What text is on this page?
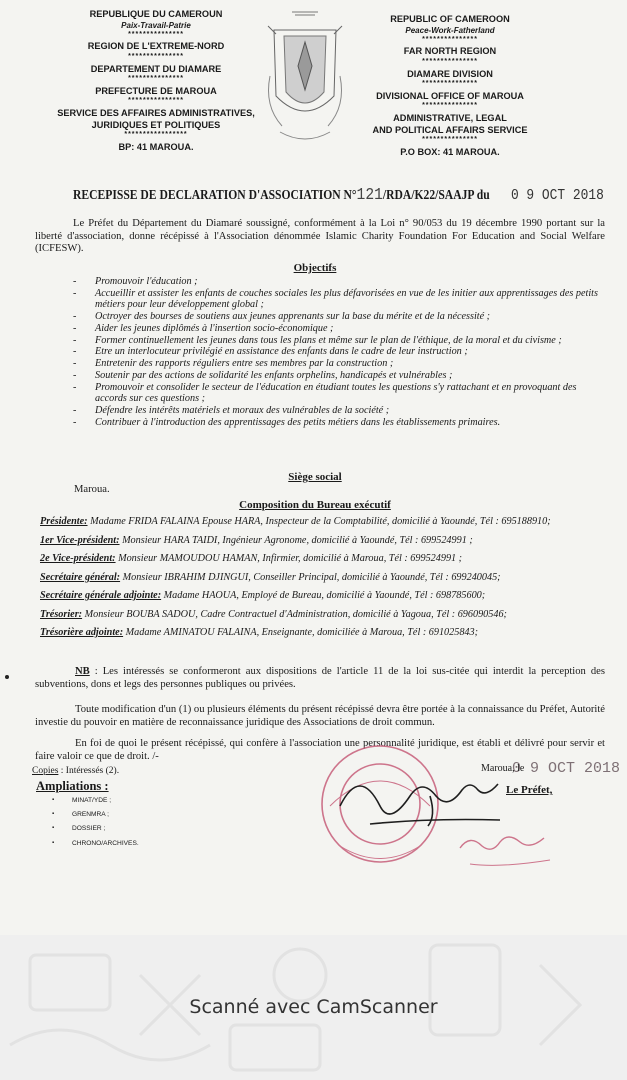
REPUBLIQUE DU CAMEROUN
Paix-Travail-Patrie
***************
REGION DE L'EXTREME-NORD
***************
DEPARTEMENT DU DIAMARE
***************
PREFECTURE DE MAROUA
***************
SERVICE DES AFFAIRES ADMINISTRATIVES,
JURIDIQUES ET POLITIQUES
*****************
BP: 41 MAROUA.
REPUBLIC OF CAMEROON
Peace-Work-Fatherland
***************
FAR NORTH REGION
***************
DIAMARE DIVISION
***************
DIVISIONAL OFFICE OF MAROUA
***************
ADMINISTRATIVE, LEGAL
AND POLITICAL AFFAIRS SERVICE
***************
P.O BOX: 41 MAROUA.
RECEPISSE DE DECLARATION D'ASSOCIATION N°121/RDA/K22/SAAJP du 0 9 OCT 2018
Le Préfet du Département du Diamaré soussigné, conformément à la Loi n° 90/053 du 19 décembre 1990 portant sur la liberté d'association, donne récépissé à l'Association dénommée Islamic Charity Foundation For Education and Social Welfare (ICFESW).
Objectifs
- Promouvoir l'éducation ;
- Accueillir et assister les enfants de couches sociales les plus défavorisées en vue de les initier aux apprentissages des petits métiers pour leur développement global ;
- Octroyer des bourses de soutiens aux jeunes apprenants sur la base du mérite et de la nécessité ;
- Aider les jeunes diplômés à l'insertion socio-économique ;
- Former continuellement les jeunes dans tous les plans et même sur le plan de l'éthique, de la moral et du civisme ;
- Etre un interlocuteur privilégié en assistance des enfants dans le cadre de leur instruction ;
- Entretenir des rapports réguliers entre ses membres par la construction ;
- Soutenir par des actions de solidarité les enfants orphelins, handicapés et vulnérables ;
- Promouvoir et consolider le secteur de l'éducation en étudiant toutes les questions s'y rattachant et en provoquant des accords sur ces questions ;
- Défendre les intérêts matériels et moraux des vulnérables de la société ;
- Contribuer à l'introduction des apprentissages des petits métiers dans les établissements primaires.
Siège social
Maroua.
Composition du Bureau exécutif
Présidente: Madame FRIDA FALAINA Epouse HARA, Inspecteur de la Comptabilité, domicilié à Yaoundé, Tél : 695188910;
1er Vice-président: Monsieur HARA TAIDI, Ingénieur Agronome, domicilié à Yaoundé, Tél : 699524991 ;
2e Vice-président: Monsieur MAMOUDOU HAMAN, Infirmier, domicilié à Maroua, Tél : 699524991 ;
Secrétaire général: Monsieur IBRAHIM DJINGUI, Conseiller Principal, domicilié à Yaoundé, Tél : 699240045;
Secrétaire générale adjointe: Madame HAOUA, Employé de Bureau, domicilié à Yaoundé, Tél : 698785600;
Trésorier: Monsieur BOUBA SADOU, Cadre Contractuel d'Administration, domicilié à Yagoua, Tél : 696090546;
Trésorière adjointe: Madame AMINATOU FALAINA, Enseignante, domiciliée à Maroua, Tél : 691025843;
NB : Les intéressés se conformeront aux dispositions de l'article 11 de la loi sus-citée qui interdit la perception des subventions, dons et legs des personnes publiques ou privées.
Toute modification d'un (1) ou plusieurs éléments du présent récépissé devra être portée à la connaissance du Préfet, Autorité investie du pouvoir en matière de reconnaissance juridique des Associations de droit commun.
En foi de quoi le présent récépissé, qui confère à l'association une personnalité juridique, est établi et délivré pour servir et faire valoir ce que de droit. /-
Copies : Intéressés (2).
Ampliations :
▪ MINAT/YDE ;
▪ GRENMRA ;
▪ DOSSIER ;
▪ CHRONO/ARCHIVES.
0 9 OCT 2018
Maroua, le
Le Préfet,
Scanné avec CamScanner
